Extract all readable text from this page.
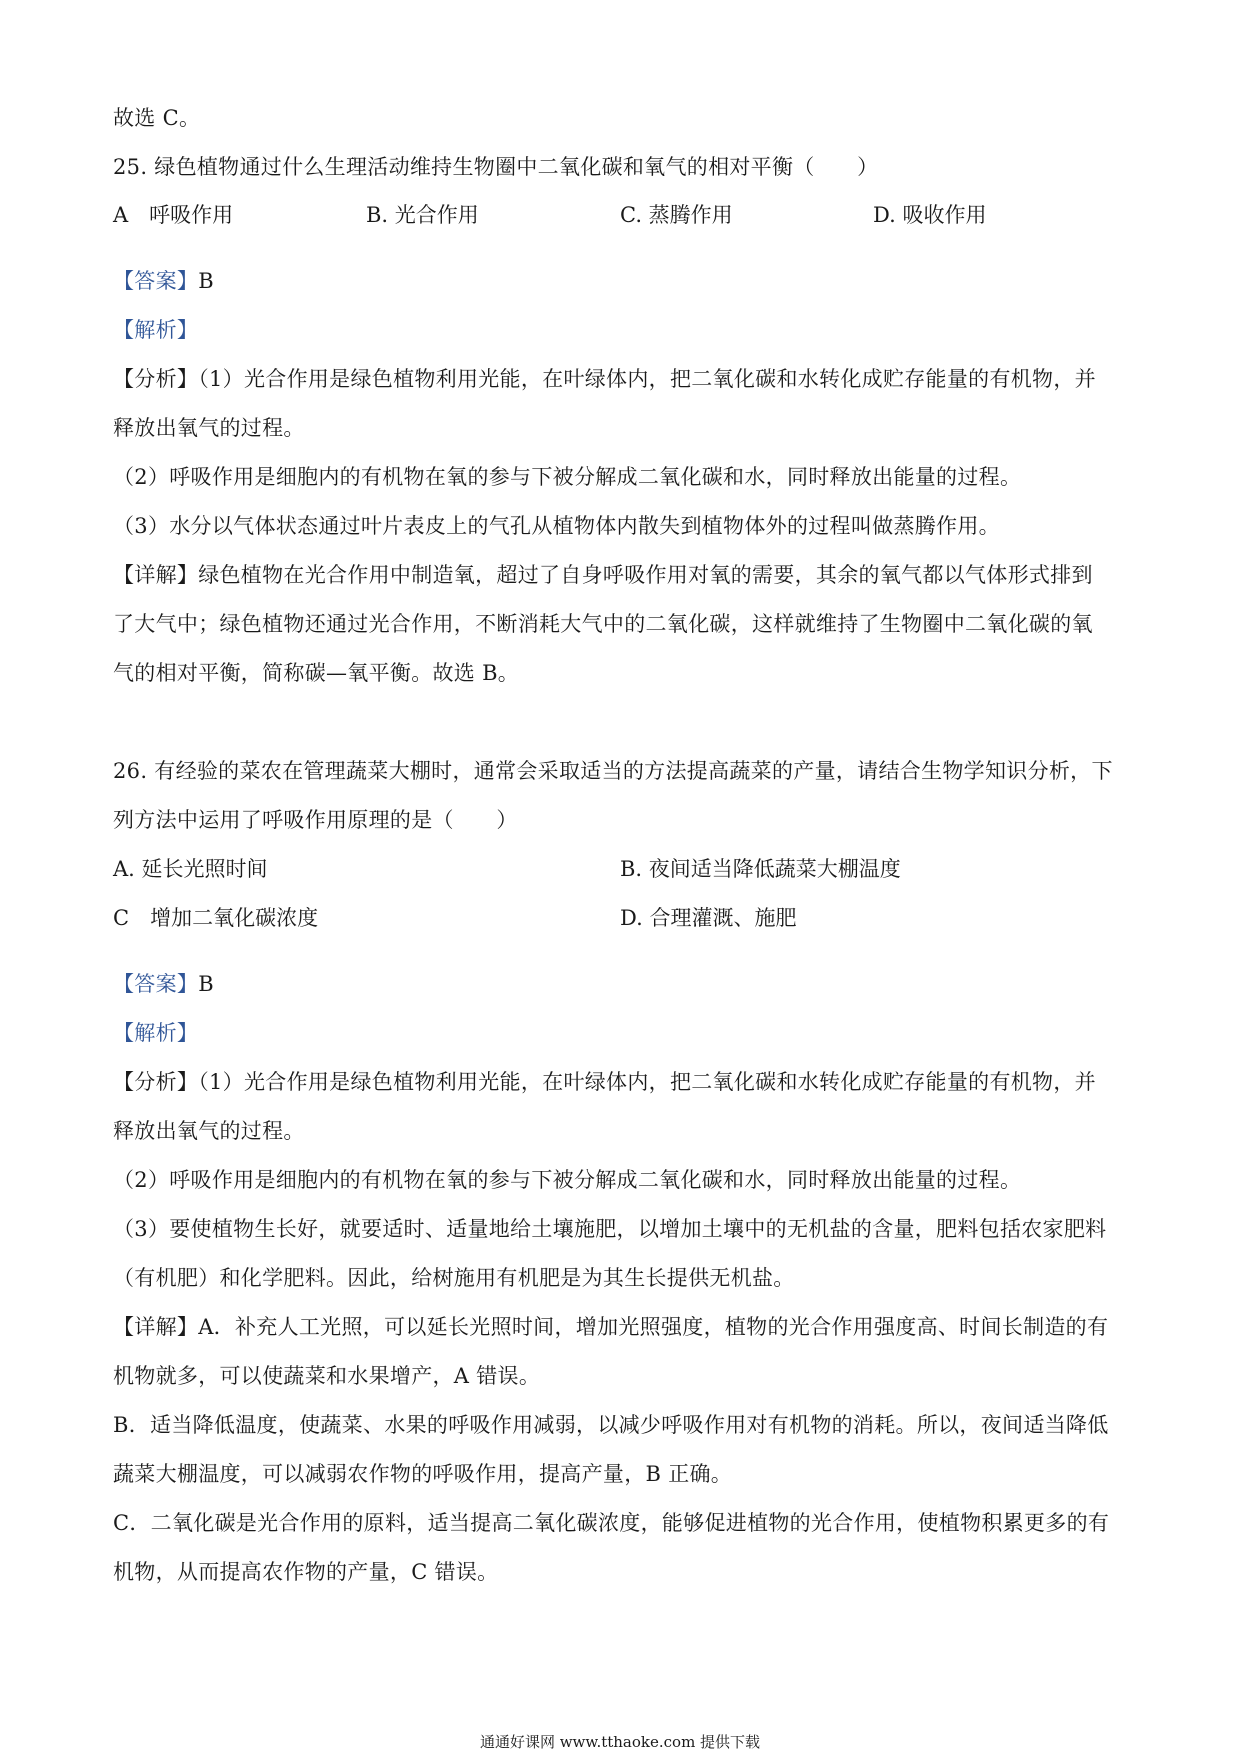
故选 C。
25. 绿色植物通过什么生理活动维持生物圈中二氧化碳和氧气的相对平衡（　　）
A　呼吸作用	B. 光合作用	C. 蒸腾作用	D. 吸收作用
【答案】B
【解析】
【分析】（1）光合作用是绿色植物利用光能，在叶绿体内，把二氧化碳和水转化成贮存能量的有机物，并
释放出氧气的过程。
（2）呼吸作用是细胞内的有机物在氧的参与下被分解成二氧化碳和水，同时释放出能量的过程。
（3）水分以气体状态通过叶片表皮上的气孔从植物体内散失到植物体外的过程叫做蒸腾作用。
【详解】绿色植物在光合作用中制造氧，超过了自身呼吸作用对氧的需要，其余的氧气都以气体形式排到
了大气中；绿色植物还通过光合作用，不断消耗大气中的二氧化碳，这样就维持了生物圈中二氧化碳的氧
气的相对平衡，简称碳—氧平衡。故选 B。
26. 有经验的菜农在管理蔬菜大棚时，通常会采取适当的方法提高蔬菜的产量，请结合生物学知识分析，下
列方法中运用了呼吸作用原理的是（　　）
A. 延长光照时间	B. 夜间适当降低蔬菜大棚温度
C　增加二氧化碳浓度	D. 合理灌溉、施肥
【答案】B
【解析】
【分析】（1）光合作用是绿色植物利用光能，在叶绿体内，把二氧化碳和水转化成贮存能量的有机物，并
释放出氧气的过程。
（2）呼吸作用是细胞内的有机物在氧的参与下被分解成二氧化碳和水，同时释放出能量的过程。
（3）要使植物生长好，就要适时、适量地给土壤施肥，以增加土壤中的无机盐的含量，肥料包括农家肥料
（有机肥）和化学肥料。因此，给树施用有机肥是为其生长提供无机盐。
【详解】A．补充人工光照，可以延长光照时间，增加光照强度，植物的光合作用强度高、时间长制造的有
机物就多，可以使蔬菜和水果增产，A 错误。
B．适当降低温度，使蔬菜、水果的呼吸作用减弱，以减少呼吸作用对有机物的消耗。所以，夜间适当降低
蔬菜大棚温度，可以减弱农作物的呼吸作用，提高产量，B 正确。
C．二氧化碳是光合作用的原料，适当提高二氧化碳浓度，能够促进植物的光合作用，使植物积累更多的有
机物，从而提高农作物的产量，C 错误。
通通好课网 www.tthaoke.com 提供下载
